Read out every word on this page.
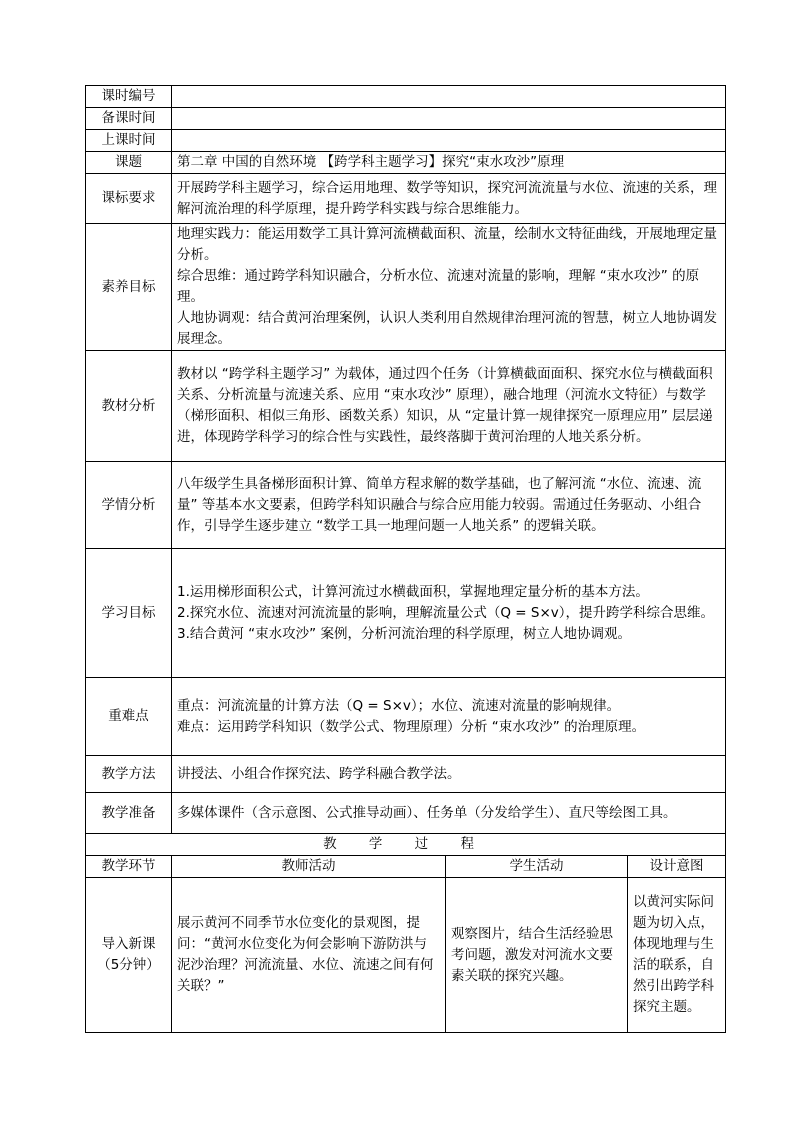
课时编号			
备课时间			
上课时间			
课题	第二章 中国的自然环境 【跨学科主题学习】探究“束水攻沙”原理		
课标要求	开展跨学科主题学习，综合运用地理、数学等知识，探究河流流量与水位、流速的关系，理解河流治理的科学原理，提升跨学科实践与综合思维能力。		
素养目标	地理实践力：能运用数学工具计算河流横截面积、流量，绘制水文特征曲线，开展地理定量分析。
综合思维：通过跨学科知识融合，分析水位、流速对流量的影响，理解 “束水攻沙” 的原理。
人地协调观：结合黄河治理案例，认识人类利用自然规律治理河流的智慧，树立人地协调发展理念。		

教材分析	教材以 “跨学科主题学习” 为载体，通过四个任务（计算横截面面积、探究水位与横截面积关系、分析流量与流速关系、应用 “束水攻沙” 原理），融合地理（河流水文特征）与数学（梯形面积、相似三角形、函数关系）知识，从 “定量计算一规律探究一原理应用” 层层递进，体现跨学科学习的综合性与实践性，最终落脚于黄河治理的人地关系分析。		
学情分析	八年级学生具备梯形面积计算、简单方程求解的数学基础，也了解河流 “水位、流速、流量” 等基本水文要素，但跨学科知识融合与综合应用能力较弱。需通过任务驱动、小组合作，引导学生逐步建立 “数学工具一地理问题一人地关系” 的逻辑关联。		
学习目标	1.运用梯形面积公式，计算河流过水横截面积，掌握地理定量分析的基本方法。
2.探究水位、流速对河流流量的影响，理解流量公式（Q = S×v），提升跨学科综合思维。
3.结合黄河 “束水攻沙” 案例，分析河流治理的科学原理，树立人地协调观。		

重难点	重点：河流流量的计算方法（Q = S×v）；水位、流速对流量的影响规律。
难点：运用跨学科知识（数学公式、物理原理）分析 “束水攻沙” 的治理原理。		

教学方法	讲授法、小组合作探究法、跨学科融合教学法。		
教学准备	多媒体课件（含示意图、公式推导动画）、任务单（分发给学生）、直尺等绘图工具。		
教 学 过 程			
教学环节	教师活动	学生活动	设计意图
导入新课（5分钟）	展示黄河不同季节水位变化的景观图，提问：“黄河水位变化为何会影响下游防洪与泥沙治理？河流流量、水位、流速之间有何关联？”	观察图片，结合生活经验思考问题，激发对河流水文要素关联的探究兴趣。	以黄河实际问题为切入点，体现地理与生活的联系，自然引出跨学科探究主题。
